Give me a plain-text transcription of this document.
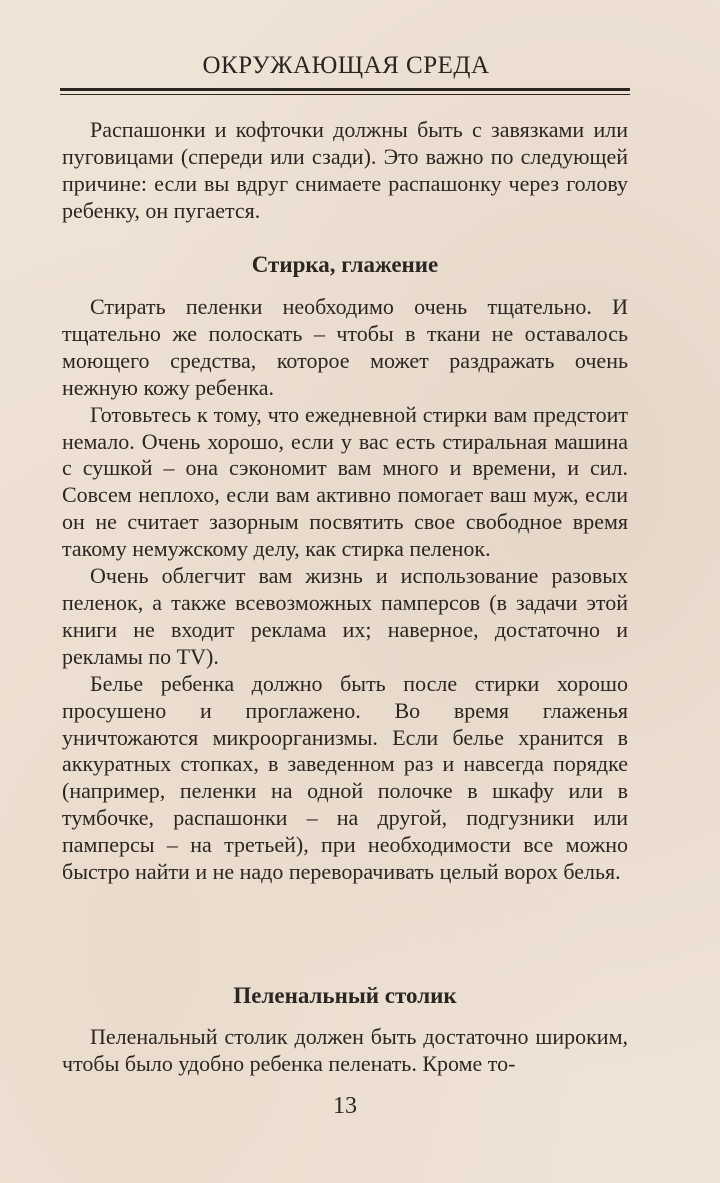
ОКРУЖАЮЩАЯ СРЕДА

Распашонки и кофточки должны быть с завязками или пуговицами (спереди или сзади). Это важно по следующей причине: если вы вдруг снимаете распашонку через голову ребенку, он пугается.

Стирка, глажение

Стирать пеленки необходимо очень тщательно. И тщательно же полоскать – чтобы в ткани не оставалось моющего средства, которое может раздражать очень нежную кожу ребенка.

Готовьтесь к тому, что ежедневной стирки вам предстоит немало. Очень хорошо, если у вас есть стиральная машина с сушкой – она сэкономит вам много и времени, и сил. Совсем неплохо, если вам активно помогает ваш муж, если он не считает зазорным посвятить свое свободное время такому немужскому делу, как стирка пеленок.

Очень облегчит вам жизнь и использование разовых пеленок, а также всевозможных памперсов (в задачи этой книги не входит реклама их; наверное, достаточно и рекламы по TV).

Белье ребенка должно быть после стирки хорошо просушено и проглажено. Во время глаженья уничтожаются микроорганизмы. Если белье хранится в аккуратных стопках, в заведенном раз и навсегда порядке (например, пеленки на одной полочке в шкафу или в тумбочке, распашонки – на другой, подгузники или памперсы – на третьей), при необходимости все можно быстро найти и не надо переворачивать целый ворох белья.

Пеленальный столик

Пеленальный столик должен быть достаточно широким, чтобы было удобно ребенка пеленать. Кроме то-

13
